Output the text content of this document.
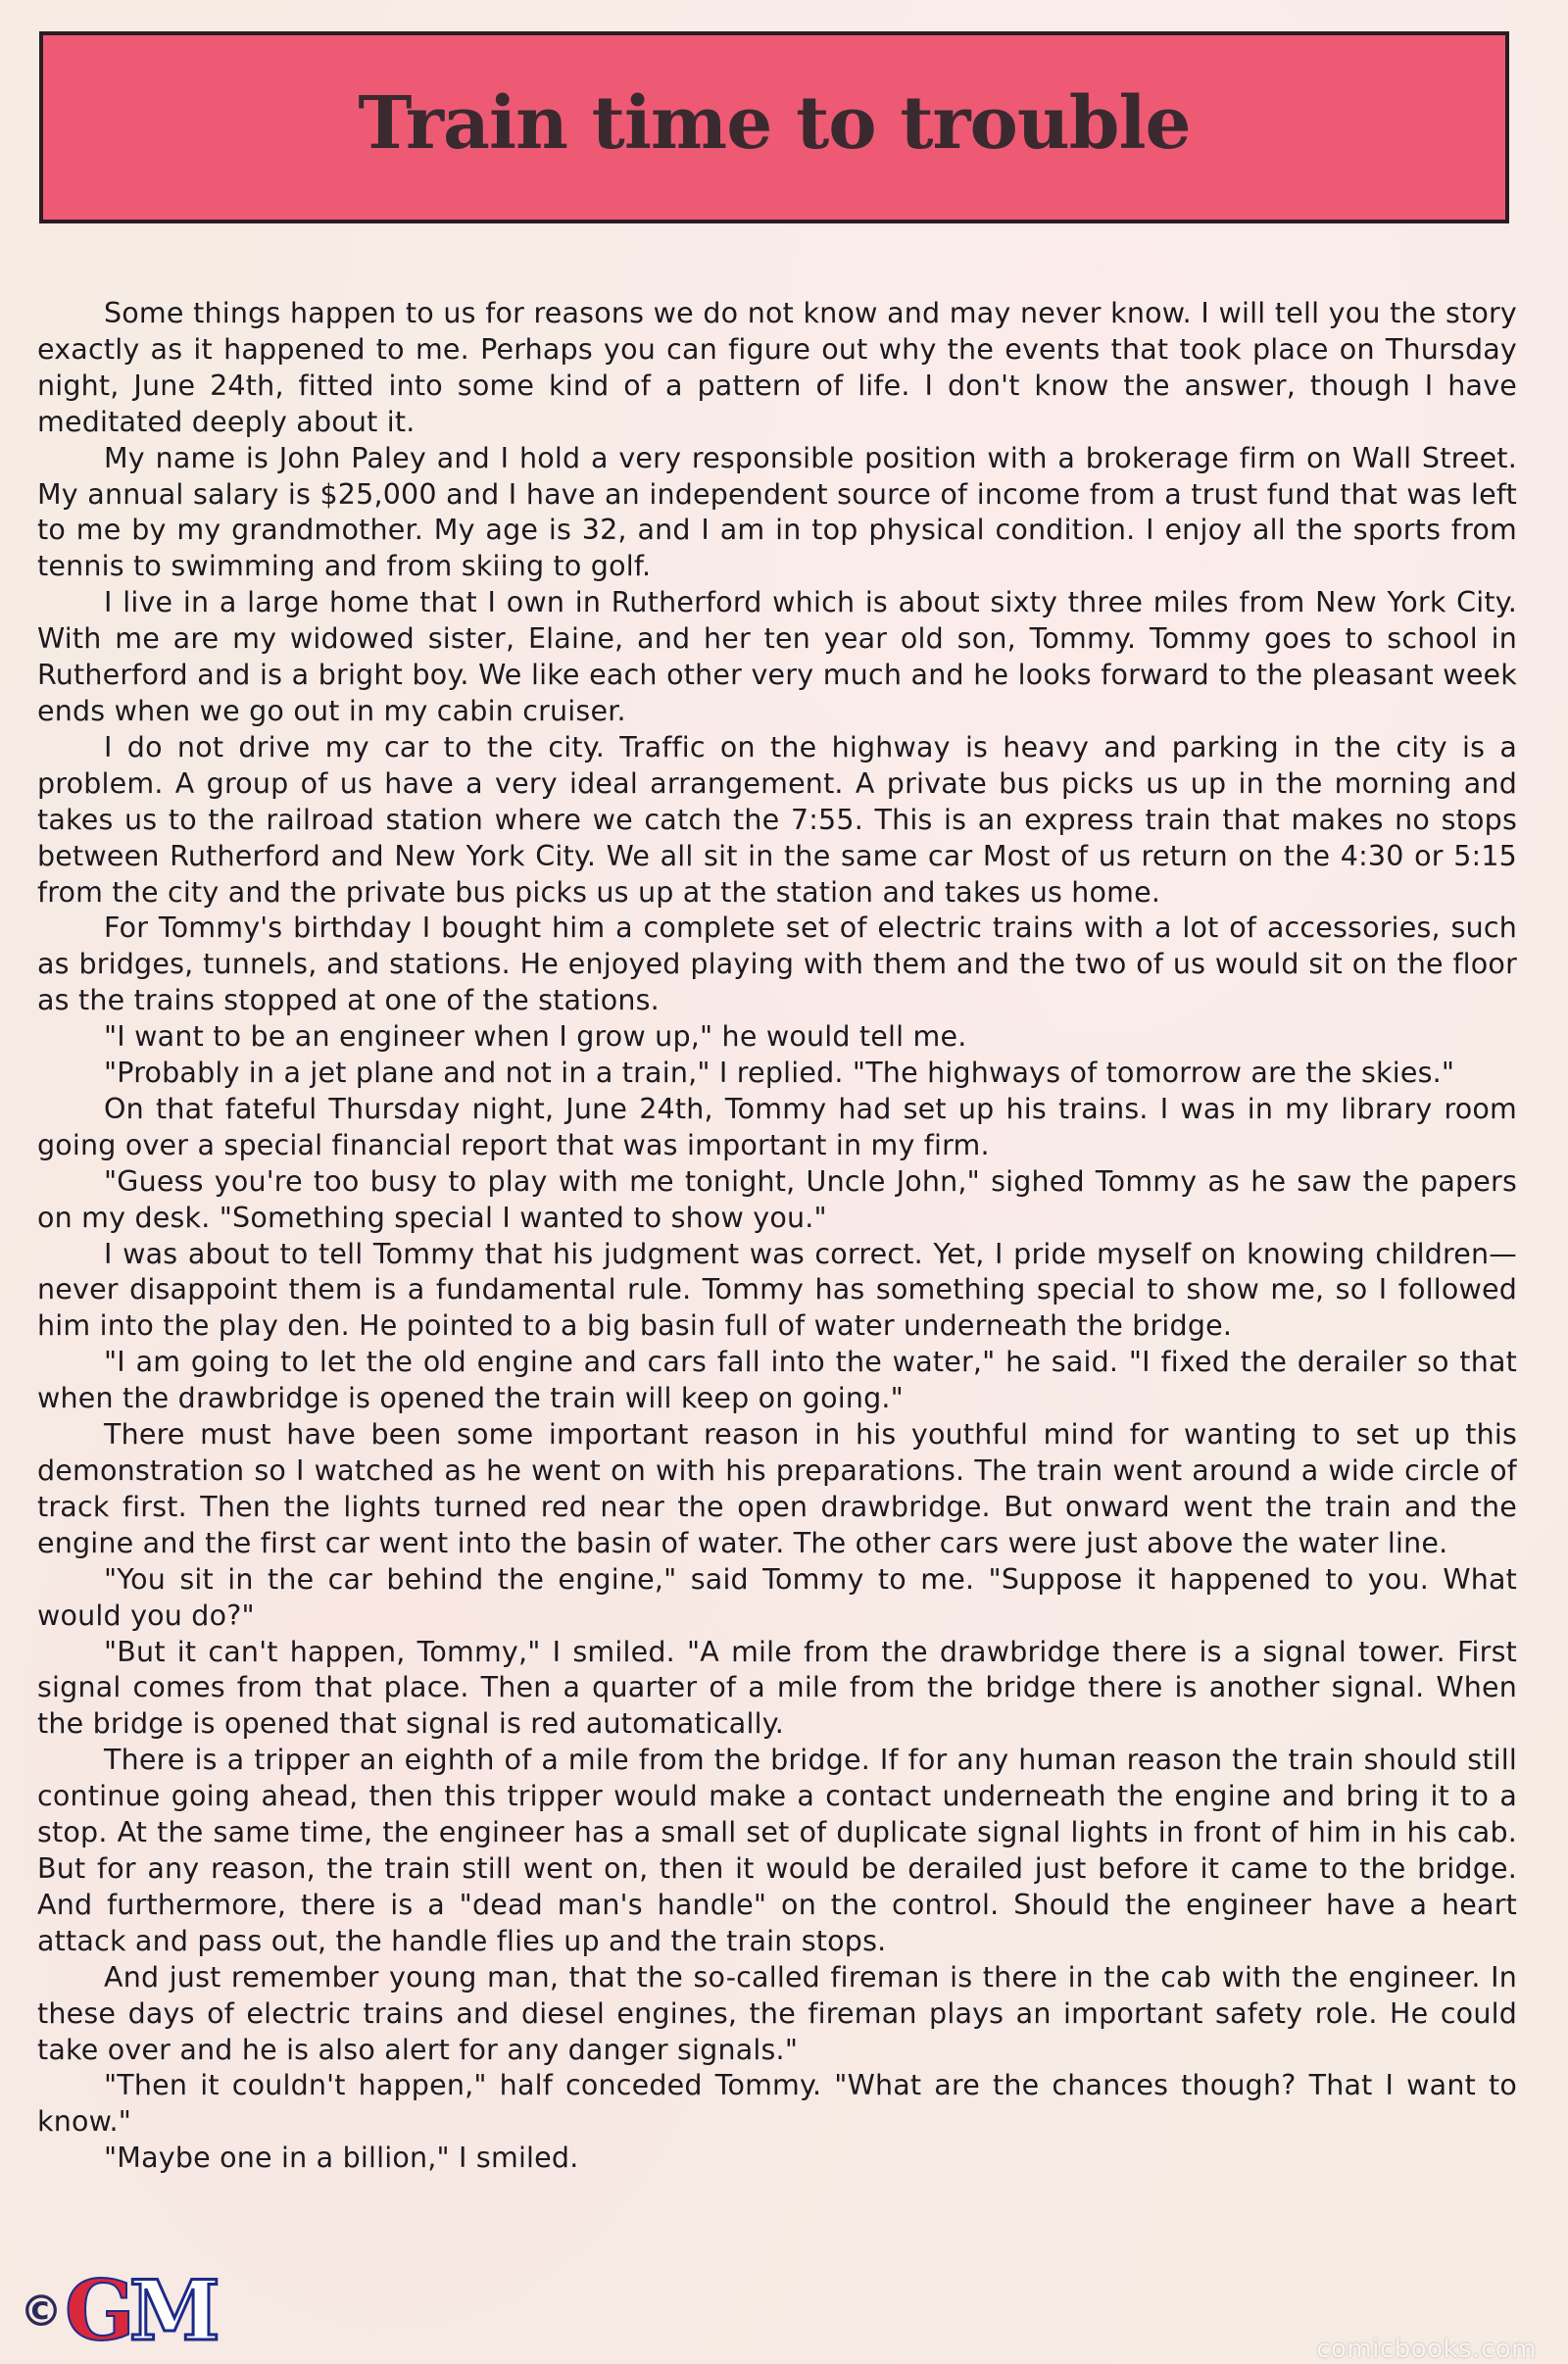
Train time to trouble

Some things happen to us for reasons we do not know and may never know. I will tell you the story exactly as it happened to me. Perhaps you can figure out why the events that took place on Thursday night, June 24th, fitted into some kind of a pattern of life. I don't know the answer, though I have meditated deeply about it.

My name is John Paley and I hold a very responsible position with a brokerage firm on Wall Street. My annual salary is $25,000 and I have an independent source of income from a trust fund that was left to me by my grandmother. My age is 32, and I am in top physical condition. I enjoy all the sports from tennis to swimming and from skiing to golf.

I live in a large home that I own in Rutherford which is about sixty three miles from New York City. With me are my widowed sister, Elaine, and her ten year old son, Tommy. Tommy goes to school in Rutherford and is a bright boy. We like each other very much and he looks forward to the pleasant week ends when we go out in my cabin cruiser.

I do not drive my car to the city. Traffic on the highway is heavy and parking in the city is a problem. A group of us have a very ideal arrangement. A private bus picks us up in the morning and takes us to the railroad station where we catch the 7:55. This is an express train that makes no stops between Rutherford and New York City. We all sit in the same car Most of us return on the 4:30 or 5:15 from the city and the private bus picks us up at the station and takes us home.

For Tommy's birthday I bought him a complete set of electric trains with a lot of accessories, such as bridges, tunnels, and stations. He enjoyed playing with them and the two of us would sit on the floor as the trains stopped at one of the stations.

"I want to be an engineer when I grow up," he would tell me.

"Probably in a jet plane and not in a train," I replied. "The highways of tomorrow are the skies."

On that fateful Thursday night, June 24th, Tommy had set up his trains. I was in my library room going over a special financial report that was important in my firm.

"Guess you're too busy to play with me tonight, Uncle John," sighed Tommy as he saw the papers on my desk. "Something special I wanted to show you."

I was about to tell Tommy that his judgment was correct. Yet, I pride myself on knowing children—never disappoint them is a fundamental rule. Tommy has something special to show me, so I followed him into the play den. He pointed to a big basin full of water underneath the bridge.

"I am going to let the old engine and cars fall into the water," he said. "I fixed the derailer so that when the drawbridge is opened the train will keep on going."

There must have been some important reason in his youthful mind for wanting to set up this demonstration so I watched as he went on with his preparations. The train went around a wide circle of track first. Then the lights turned red near the open drawbridge. But onward went the train and the engine and the first car went into the basin of water. The other cars were just above the water line.

"You sit in the car behind the engine," said Tommy to me. "Suppose it happened to you. What would you do?"

"But it can't happen, Tommy," I smiled. "A mile from the drawbridge there is a signal tower. First signal comes from that place. Then a quarter of a mile from the bridge there is another signal. When the bridge is opened that signal is red automatically.

There is a tripper an eighth of a mile from the bridge. If for any human reason the train should still continue going ahead, then this tripper would make a contact underneath the engine and bring it to a stop. At the same time, the engineer has a small set of duplicate signal lights in front of him in his cab. But for any reason, the train still went on, then it would be derailed just before it came to the bridge. And furthermore, there is a "dead man's handle" on the control. Should the engineer have a heart attack and pass out, the handle flies up and the train stops.

And just remember young man, that the so-called fireman is there in the cab with the engineer. In these days of electric trains and diesel engines, the fireman plays an important safety role. He could take over and he is also alert for any danger signals."

"Then it couldn't happen," half conceded Tommy. "What are the chances though? That I want to know."

"Maybe one in a billion," I smiled.

© G
M	comicbooks.com
